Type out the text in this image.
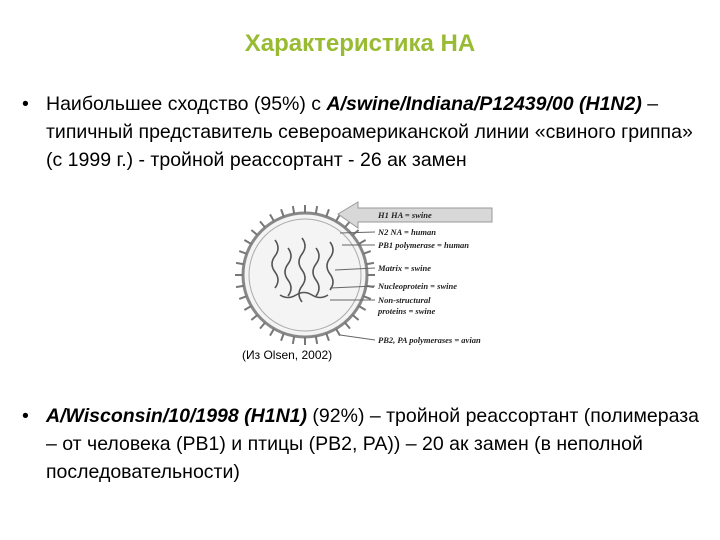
Характеристика НА
• Наибольшее сходство (95%) с A/swine/Indiana/P12439/00 (H1N2) – типичный представитель североамериканской линии «свиного гриппа» (с 1999 г.) - тройной реассортант - 26 ак замен
H1 HA = swine
N2 NA = human
PB1 polymerase = human
Matrix = swine
Nucleoprotein = swine
Non-structural
proteins = swine
PB2, PA polymerases = avian
(Из Olsen, 2002)
• A/Wisconsin/10/1998 (H1N1) (92%) – тройной реассортант (полимераза – от человека (PB1) и птицы (PB2, PA)) – 20 ак замен (в неполной последовательности)
